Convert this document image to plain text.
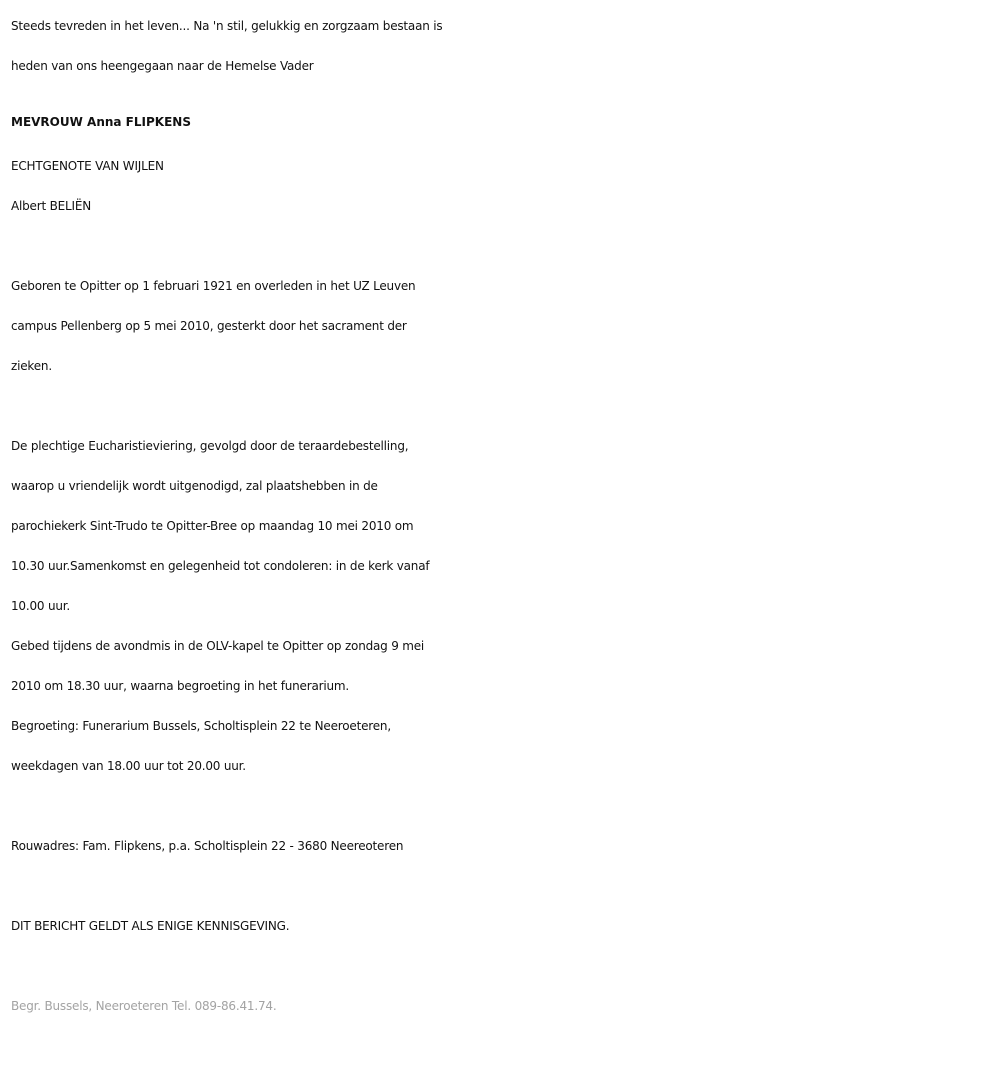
Steeds tevreden in het leven... Na 'n stil, gelukkig en zorgzaam bestaan is
heden van ons heengegaan naar de Hemelse Vader
MEVROUW Anna FLIPKENS
ECHTGENOTE VAN WIJLEN
Albert BELIËN
Geboren te Opitter op 1 februari 1921 en overleden in het UZ Leuven
campus Pellenberg op 5 mei 2010, gesterkt door het sacrament der
zieken.
De plechtige Eucharistieviering, gevolgd door de teraardebestelling,
waarop u vriendelijk wordt uitgenodigd, zal plaatshebben in de
parochiekerk Sint-Trudo te Opitter-Bree op maandag 10 mei 2010 om
10.30 uur.Samenkomst en gelegenheid tot condoleren: in de kerk vanaf
10.00 uur.
Gebed tijdens de avondmis in de OLV-kapel te Opitter op zondag 9 mei
2010 om 18.30 uur, waarna begroeting in het funerarium.
Begroeting: Funerarium Bussels, Scholtisplein 22 te Neeroeteren,
weekdagen van 18.00 uur tot 20.00 uur.
Rouwadres: Fam. Flipkens, p.a. Scholtisplein 22 - 3680 Neereoteren
DIT BERICHT GELDT ALS ENIGE KENNISGEVING.
Begr. Bussels, Neeroeteren Tel. 089-86.41.74.
